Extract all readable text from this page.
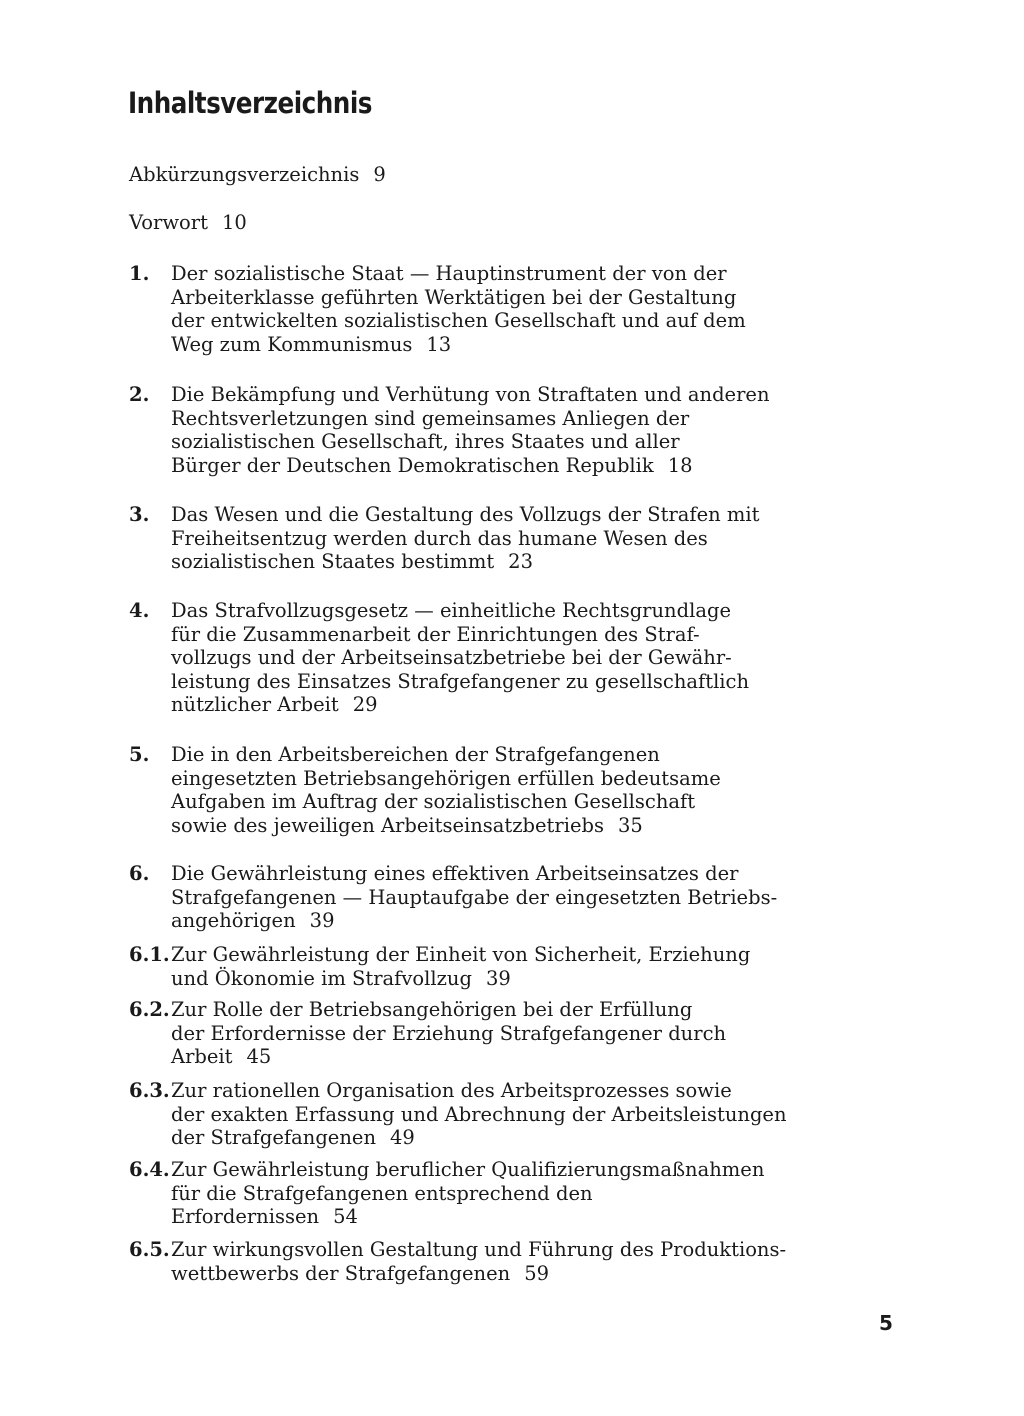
Inhaltsverzeichnis
Abkürzungsverzeichnis 9
Vorwort 10
1. Der sozialistische Staat — Hauptinstrument der von der
Arbeiterklasse geführten Werktätigen bei der Gestaltung
der entwickelten sozialistischen Gesellschaft und auf dem
Weg zum Kommunismus 13
2. Die Bekämpfung und Verhütung von Straftaten und anderen
Rechtsverletzungen sind gemeinsames Anliegen der
sozialistischen Gesellschaft, ihres Staates und aller
Bürger der Deutschen Demokratischen Republik 18
3. Das Wesen und die Gestaltung des Vollzugs der Strafen mit
Freiheitsentzug werden durch das humane Wesen des
sozialistischen Staates bestimmt 23
4. Das Strafvollzugsgesetz — einheitliche Rechtsgrundlage
für die Zusammenarbeit der Einrichtungen des Straf-
vollzugs und der Arbeitseinsatzbetriebe bei der Gewähr-
leistung des Einsatzes Strafgefangener zu gesellschaftlich
nützlicher Arbeit 29
5. Die in den Arbeitsbereichen der Strafgefangenen
eingesetzten Betriebsangehörigen erfüllen bedeutsame
Aufgaben im Auftrag der sozialistischen Gesellschaft
sowie des jeweiligen Arbeitseinsatzbetriebs 35
6. Die Gewährleistung eines effektiven Arbeitseinsatzes der
Strafgefangenen — Hauptaufgabe der eingesetzten Betriebs-
angehörigen 39
6.1. Zur Gewährleistung der Einheit von Sicherheit, Erziehung
und Ökonomie im Strafvollzug 39
6.2. Zur Rolle der Betriebsangehörigen bei der Erfüllung
der Erfordernisse der Erziehung Strafgefangener durch
Arbeit 45
6.3. Zur rationellen Organisation des Arbeitsprozesses sowie
der exakten Erfassung und Abrechnung der Arbeitsleistungen
der Strafgefangenen 49
6.4. Zur Gewährleistung beruflicher Qualifizierungsmaßnahmen
für die Strafgefangenen entsprechend den
Erfordernissen 54
6.5. Zur wirkungsvollen Gestaltung und Führung des Produktions-
wettbewerbs der Strafgefangenen 59
5
